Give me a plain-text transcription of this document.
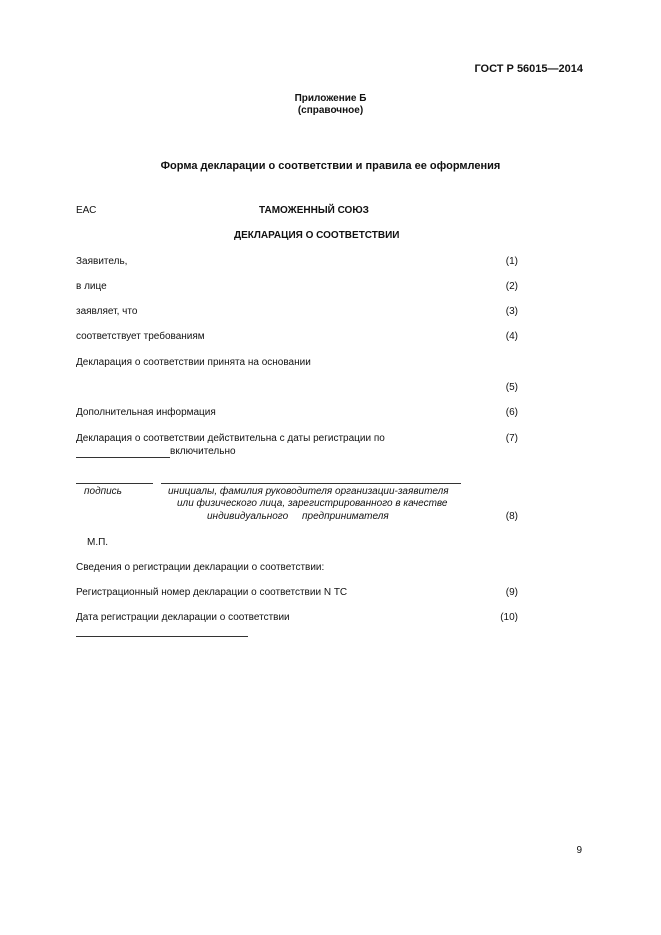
ГОСТ Р 56015—2014
Приложение Б
(справочное)
Форма декларации о соответствии и правила ее оформления
ЕАС	ТАМОЖЕННЫЙ СОЮЗ
ДЕКЛАРАЦИЯ О СООТВЕТСТВИИ
Заявитель,	(1)
в лице	(2)
заявляет, что	(3)
соответствует требованиям	(4)
Декларация о соответствии принята на основании
(5)
Дополнительная информация	(6)
Декларация о соответствии действительна с даты регистрации по	(7)
включительно
подпись	инициалы, фамилия руководителя организации-заявителя
или физического лица, зарегистрированного в качестве
индивидуального     предпринимателя	(8)
М.П.
Сведения о регистрации декларации о соответствии:
Регистрационный номер декларации о соответствии N ТС	(9)
Дата регистрации декларации о соответствии	(10)
9
